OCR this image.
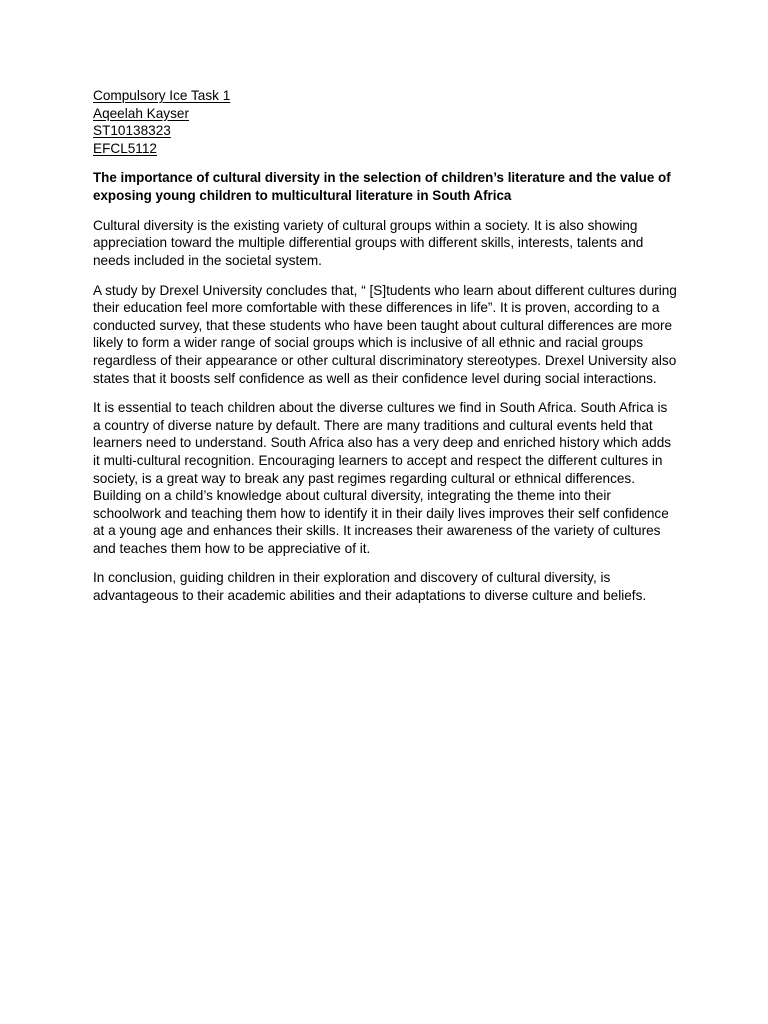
Compulsory Ice Task 1
Aqeelah Kayser
ST10138323
EFCL5112

The importance of cultural diversity in the selection of children’s literature and the value of exposing young children to multicultural literature in South Africa

Cultural diversity is the existing variety of cultural groups within a society. It is also showing appreciation toward the multiple differential groups with different skills, interests, talents and needs included in the societal system.

A study by Drexel University concludes that, “ [S]tudents who learn about different cultures during their education feel more comfortable with these differences in life”. It is proven, according to a conducted survey, that these students who have been taught about cultural differences are more likely to form a wider range of social groups which is inclusive of all ethnic and racial groups regardless of their appearance or other cultural discriminatory stereotypes. Drexel University also states that it boosts self confidence as well as their confidence level during social interactions.

It is essential to teach children about the diverse cultures we find in South Africa. South Africa is a country of diverse nature by default. There are many traditions and cultural events held that learners need to understand. South Africa also has a very deep and enriched history which adds it multi-cultural recognition. Encouraging learners to accept and respect the different cultures in society, is a great way to break any past regimes regarding cultural or ethnical differences. Building on a child’s knowledge about cultural diversity, integrating the theme into their schoolwork and teaching them how to identify it in their daily lives improves their self confidence at a young age and enhances their skills. It increases their awareness of the variety of cultures and teaches them how to be appreciative of it.

In conclusion, guiding children in their exploration and discovery of cultural diversity, is advantageous to their academic abilities and their adaptations to diverse culture and beliefs.
